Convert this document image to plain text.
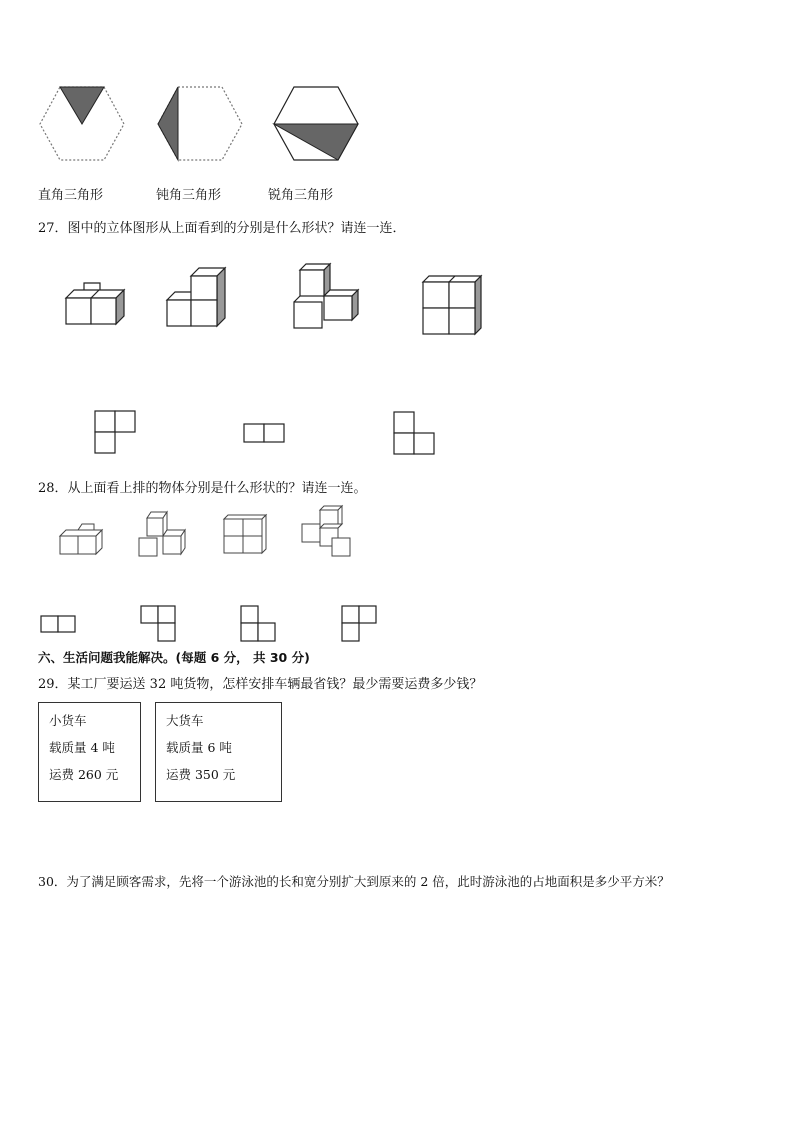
直角三角形	钝角三角形	锐角三角形
27．图中的立体图形从上面看到的分别是什么形状？请连一连．
28．从上面看上排的物体分别是什么形状的？请连一连。
六、生活问题我能解决。(每题 6 分， 共 30 分)
29．某工厂要运送 32 吨货物，怎样安排车辆最省钱？最少需要运费多少钱？
小货车
载质量 4 吨
运费 260 元
大货车
载质量 6 吨
运费 350 元
30．为了满足顾客需求，先将一个游泳池的长和宽分别扩大到原来的 2 倍，此时游泳池的占地面积是多少平方米？
